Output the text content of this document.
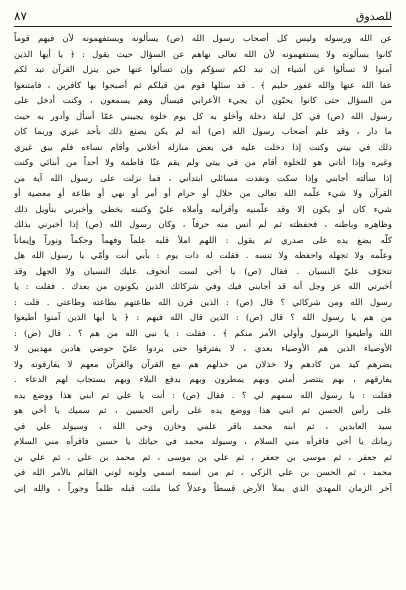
للصدوق
٨٧
عن الله ورسوله وليس كل أصحاب رسول الله (ص) يسألونه ويستفهمونه لأن فيهم قوماً
كانوا يسألونه ولا يستفهمونه لأن الله تعالى نهاهم عن السؤال حيث يقول : ﴿ يا أيها الذين
آمنوا لا تسألوا عن أشياء إن تبد لكم تسؤكم وإن تسألوا عنها حين ينزل القرآن تبد لكم
عفا الله عنها والله غفور حليم ﴾ . قد سئلها قوم من قبلكم ثم أصبحوا بها كافرين ، فامتنعوا
من السؤال حتى كانوا يحبّون أن يجيء الأعرابي فيسأل وهم يسمعون ، وكنت أدخل على
رسول الله (ص) في كل ليلة دخلة وأخلو به كل يوم خلوة يجيبني عمّا أسأل وأدور به حيث
ما دار ، وقد علم أصحاب رسول الله (ص) أنه لم يكن يصنع ذلك بأحد غيري وربما كان
ذلك في بيتي وكنت إذا دخلت عليه في بعض منازله أخلاني وأقام نساءه فلم يبق غيري
وغيره وإذا أتاني هو للخلوة أقام من في بيتي ولم يقم عنّا فاطمة ولا أحداً من أبنائي وكنت
إذا سألته أجابني وإذا سكت ونفدت مسائلي ابتدأني ، فما نزلت على رسول الله آية من
القرآن ولا شيء علّمه الله تعالى من حلال أو حرام أو أمر أو نهي أو طاعة أو معصية أو
شيء كان أو يكون إلا وقد علّمنيه وأقرأنيه وأملاه عليّ وكتبته بخطي وأخبرني بتأويل ذلك
وظاهره وباطنه ، فحفظته ثم لم أنس منه حرفاً ، وكان رسول الله (ص) إذا أخبرني بذلك
كلّه يضع يده على صدري ثم يقول : اللهم املأ قلبه علماً وفهماً وحكماً ونوراً وإيماناً
وعلّمه ولا تجهله واحفظه ولا تنسه . فقلت له ذات يوم : بأبي أنت وأمّي يا رسول الله هل
تتخوّف عليّ النسيان . فقال (ص) يا أخي لست أتخوف عليك النسيان ولا الجهل وقد
أخبرني الله عز وجل أنه قد أجابني فيك وفي شركائك الذين يكونون من بعدك . فقلت : يا
رسول الله ومن شركائي ؟ قال (ص) : الذين قرن الله طاعتهم بطاعته وطاعتي . قلت :
من هم يا رسول الله ؟ قال (ص) : الذين قال الله فيهم : ﴿ يا أيها الذين آمنوا أطيعوا
الله وأطيعوا الرسول وأولي الأمر منكم ﴾ . فقلت : يا نبي الله من هم ؟ . قال (ص) :
الأوصياء الذين هم الأوصياء بعدي ، لا يفترقوا حتى يردوا عليّ حوضي هادين مهديين لا
يضرهم كيد من كادهم ولا خذلان من خذلهم هم مع القرآن والقرآن معهم لا يفارقونه ولا
يفارقهم ، بهم ينتصر أمتي وبهم يمطرون وبهم يدفع البلاء وبهم يستجاب لهم الدعاء .
فقلت : يا رسول الله سمهم لي ؟ . فقال (ص) : أنت يا علي ثم ابني هذا ووضع يده
على رأس الحسن ثم ابني هذا ووضع يده على رأس الحسين ، ثم سميك يا أخي هو
سيد العابدين ، ثم ابنه محمد باقر علمي وخازن وحي الله ، وسيولد علي في
زمانك يا أخي فاقرأه مني السلام ، وسيولد محمد في حياتك يا حسين فاقرأه مني السلام
ثم جعفر ، ثم موسى بن جعفر ، ثم علي بن موسى ، ثم محمد بن علي ، ثم علي بن
محمد ، ثم الحسن بن علي الزكي ، ثم من اسمه اسمي ولونه لوني القائم بالأمر الله في
آخر الزمان المهدي الذي يملأ الأرض قسطاً وعدلاً كما ملئت قبله ظلماً وجوراً ، والله إني
